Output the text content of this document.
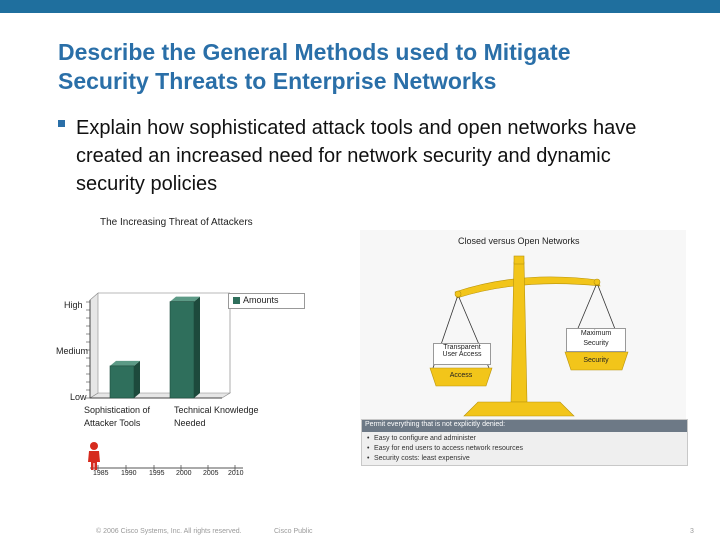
Describe the General Methods used to Mitigate
Security Threats to Enterprise Networks
Explain how sophisticated attack tools and open networks have created an increased need for network security and dynamic security policies
The Increasing Threat of Attackers
High
Medium
Low
Sophistication of
Attacker Tools
Technical Knowledge
Needed
Amounts
1985 1990 1995 2000 2005 2010
Closed versus Open Networks
Transparent
User Access
Access
Maximum
Security
Security
Permit everything that is not explicitly denied:
• Easy to configure and administer
• Easy for end users to access network resources
• Security costs: least expensive
© 2006 Cisco Systems, Inc. All rights reserved.	Cisco Public	3
